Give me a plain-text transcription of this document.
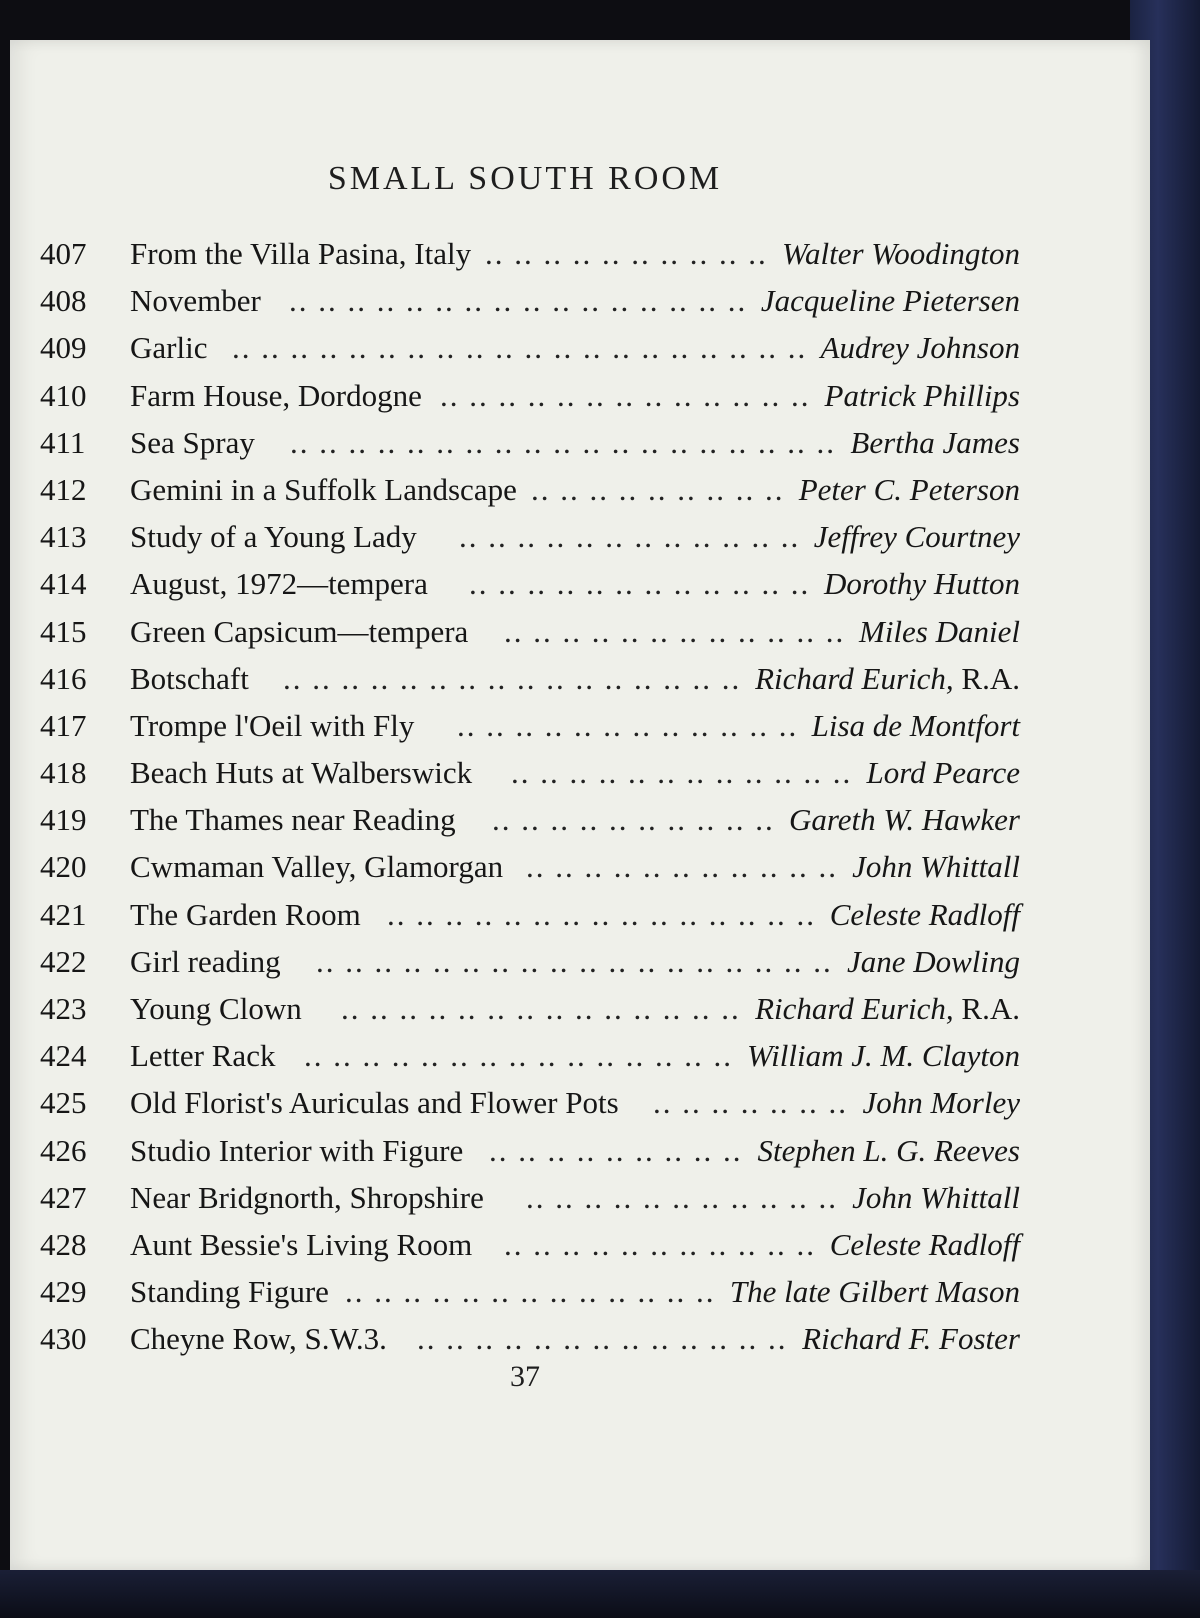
SMALL SOUTH ROOM
407 From the Villa Pasina, Italy .. .. .. .. .. .. .. .. .. .. Walter Woodington
408 November .. .. .. .. .. .. .. .. .. .. .. .. .. .. .. .. Jacqueline Pietersen
409 Garlic .. .. .. .. .. .. .. .. .. .. .. .. .. .. .. .. .. .. .. .. Audrey Johnson
410 Farm House, Dordogne .. .. .. .. .. .. .. .. .. .. .. .. .. Patrick Phillips
411 Sea Spray .. .. .. .. .. .. .. .. .. .. .. .. .. .. .. .. .. .. .. Bertha James
412 Gemini in a Suffolk Landscape .. .. .. .. .. .. .. .. .. Peter C. Peterson
413 Study of a Young Lady .. .. .. .. .. .. .. .. .. .. .. .. Jeffrey Courtney
414 August, 1972—tempera .. .. .. .. .. .. .. .. .. .. .. .. Dorothy Hutton
415 Green Capsicum—tempera .. .. .. .. .. .. .. .. .. .. .. .. Miles Daniel
416 Botschaft .. .. .. .. .. .. .. .. .. .. .. .. .. .. .. .. Richard Eurich, R.A.
417 Trompe l'Oeil with Fly .. .. .. .. .. .. .. .. .. .. .. .. Lisa de Montfort
418 Beach Huts at Walberswick .. .. .. .. .. .. .. .. .. .. .. .. Lord Pearce
419 The Thames near Reading .. .. .. .. .. .. .. .. .. .. Gareth W. Hawker
420 Cwmaman Valley, Glamorgan .. .. .. .. .. .. .. .. .. .. .. John Whittall
421 The Garden Room .. .. .. .. .. .. .. .. .. .. .. .. .. .. .. Celeste Radloff
422 Girl reading .. .. .. .. .. .. .. .. .. .. .. .. .. .. .. .. .. .. Jane Dowling
423 Young Clown .. .. .. .. .. .. .. .. .. .. .. .. .. .. Richard Eurich, R.A.
424 Letter Rack .. .. .. .. .. .. .. .. .. .. .. .. .. .. .. William J. M. Clayton
425 Old Florist's Auriculas and Flower Pots .. .. .. .. .. .. .. John Morley
426 Studio Interior with Figure .. .. .. .. .. .. .. .. .. Stephen L. G. Reeves
427 Near Bridgnorth, Shropshire .. .. .. .. .. .. .. .. .. .. .. John Whittall
428 Aunt Bessie's Living Room .. .. .. .. .. .. .. .. .. .. .. Celeste Radloff
429 Standing Figure .. .. .. .. .. .. .. .. .. .. .. .. .. The late Gilbert Mason
430 Cheyne Row, S.W.3. .. .. .. .. .. .. .. .. .. .. .. .. .. Richard F. Foster
37
